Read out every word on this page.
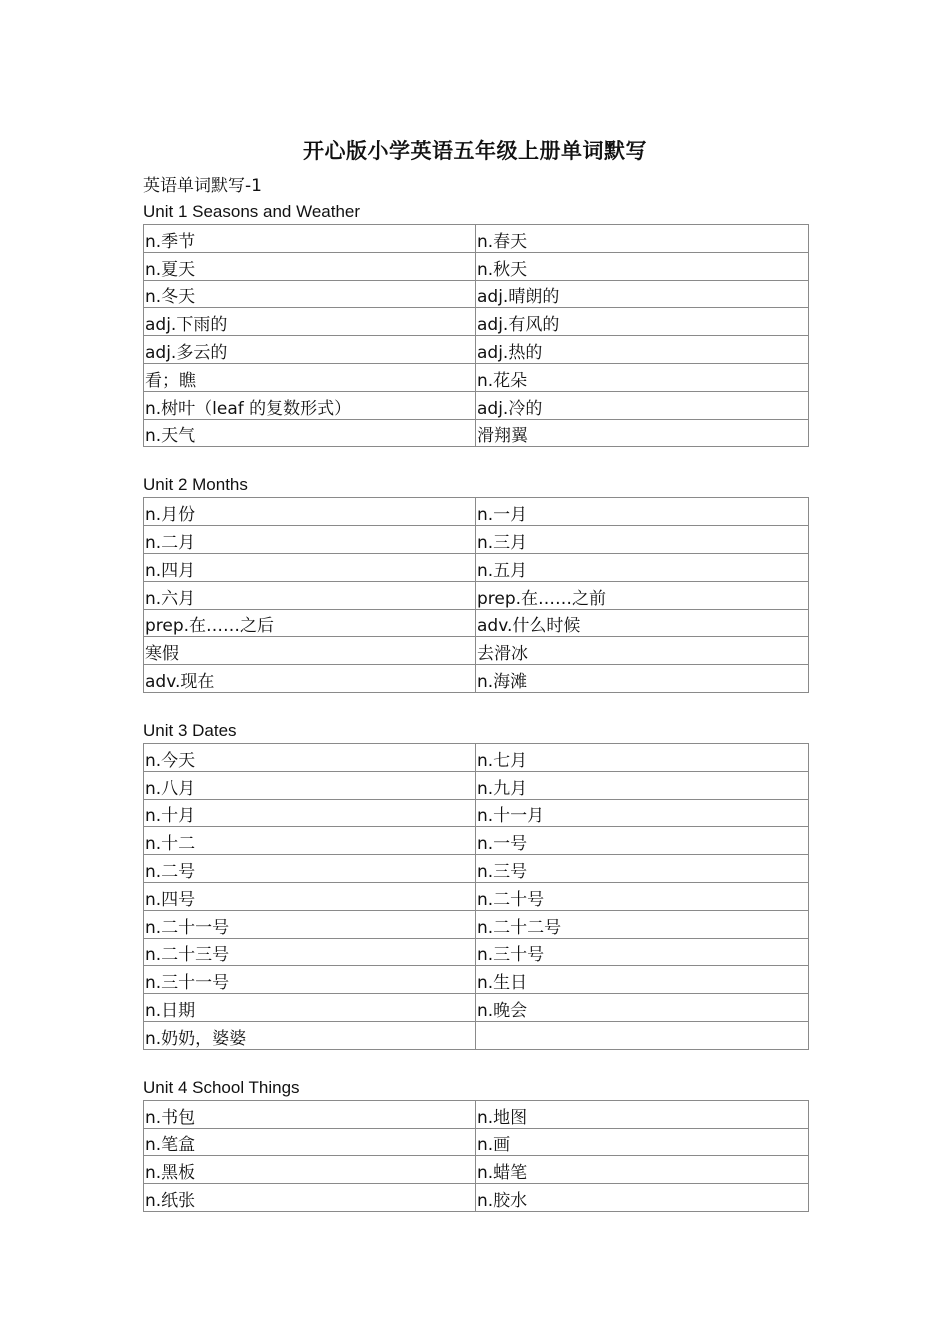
开心版小学英语五年级上册单词默写
英语单词默写-1
Unit 1 Seasons and Weather
n.季节	n.春天
n.夏天	n.秋天
n.冬天	adj.晴朗的
adj.下雨的	adj.有风的
adj.多云的	adj.热的
看；瞧	n.花朵
n.树叶（leaf 的复数形式）	adj.冷的
n.天气	滑翔翼
Unit 2 Months
n.月份	n.一月
n.二月	n.三月
n.四月	n.五月
n.六月	prep.在……之前
prep.在……之后	adv.什么时候
寒假	去滑冰
adv.现在	n.海滩
Unit 3 Dates
n.今天	n.七月
n.八月	n.九月
n.十月	n.十一月
n.十二	n.一号
n.二号	n.三号
n.四号	n.二十号
n.二十一号	n.二十二号
n.二十三号	n.三十号
n.三十一号	n.生日
n.日期	n.晚会
n.奶奶，婆婆	
Unit 4 School Things
n.书包	n.地图
n.笔盒	n.画
n.黑板	n.蜡笔
n.纸张	n.胶水
